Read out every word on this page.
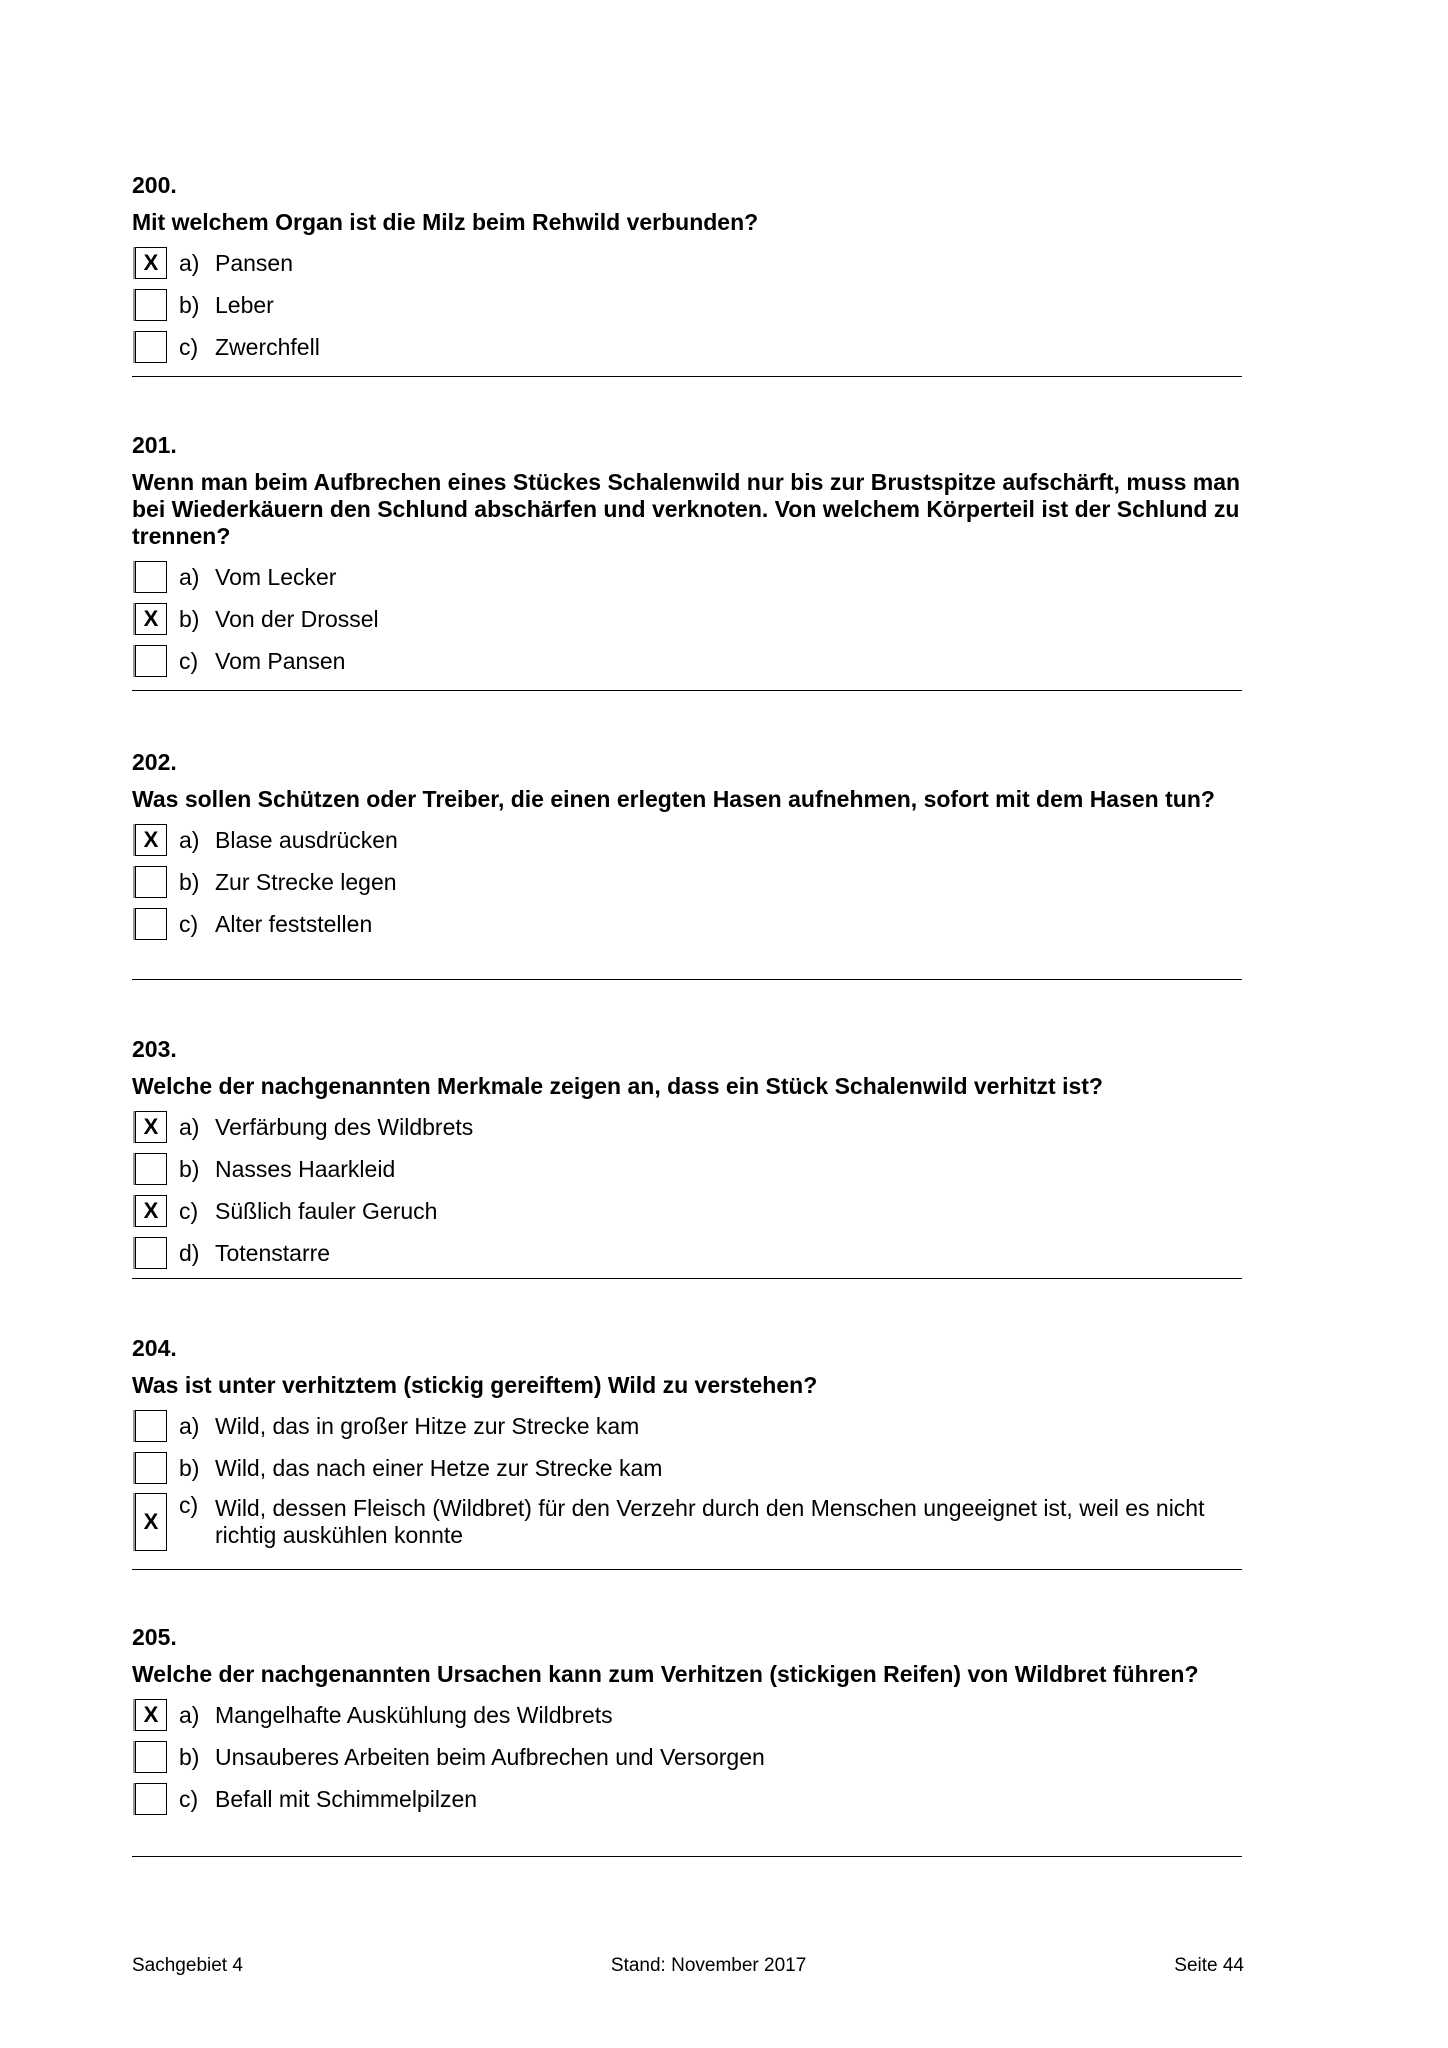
200.
Mit welchem Organ ist die Milz beim Rehwild verbunden?
X a) Pansen
b) Leber
c) Zwerchfell
201.
Wenn man beim Aufbrechen eines Stückes Schalenwild nur bis zur Brustspitze aufschärft, muss man bei Wiederkäuern den Schlund abschärfen und verknoten. Von welchem Körperteil ist der Schlund zu trennen?
a) Vom Lecker
X b) Von der Drossel
c) Vom Pansen
202.
Was sollen Schützen oder Treiber, die einen erlegten Hasen aufnehmen, sofort mit dem Hasen tun?
X a) Blase ausdrücken
b) Zur Strecke legen
c) Alter feststellen
203.
Welche der nachgenannten Merkmale zeigen an, dass ein Stück Schalenwild verhitzt ist?
X a) Verfärbung des Wildbrets
b) Nasses Haarkleid
X c) Süßlich fauler Geruch
d) Totenstarre
204.
Was ist unter verhitztem (stickig gereiftem) Wild zu verstehen?
a) Wild, das in großer Hitze zur Strecke kam
b) Wild, das nach einer Hetze zur Strecke kam
X
c) Wild, dessen Fleisch (Wildbret) für den Verzehr durch den Menschen ungeeignet ist, weil es nicht richtig auskühlen konnte
205.
Welche der nachgenannten Ursachen kann zum Verhitzen (stickigen Reifen) von Wildbret führen?
X a) Mangelhafte Auskühlung des Wildbrets
b) Unsauberes Arbeiten beim Aufbrechen und Versorgen
c) Befall mit Schimmelpilzen
Sachgebiet 4	Stand: November 2017	Seite 44
